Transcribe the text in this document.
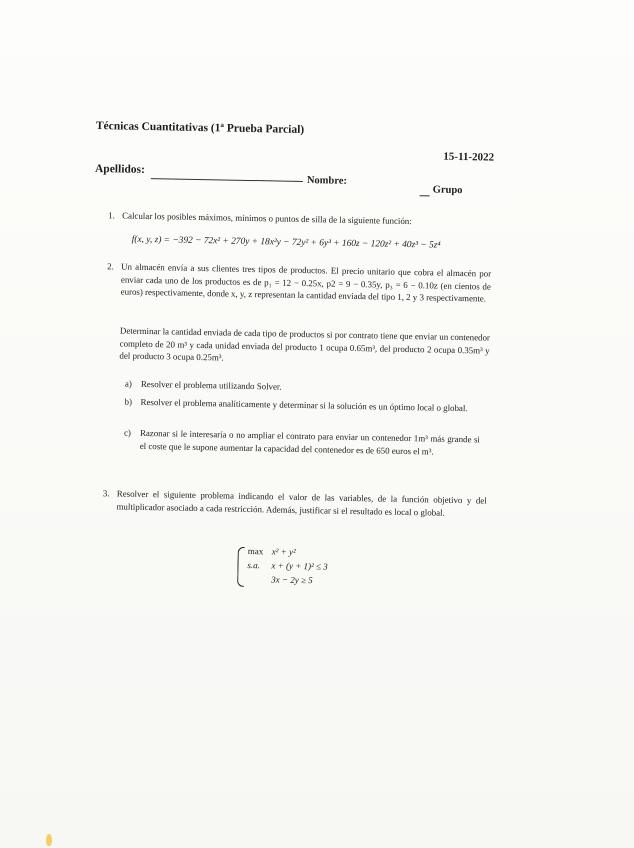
Técnicas Cuantitativas (1ª Prueba Parcial)
15-11-2022
Apellidos:
Nombre:
Grupo
1. Calcular los posibles máximos, mínimos o puntos de silla de la siguiente función:
f(x, y, z) = −392 − 72x² + 270y + 18x²y − 72y² + 6y³ + 160z − 120z² + 40z³ − 5z⁴
2. Un almacén envía a sus clientes tres tipos de productos. El precio unitario que cobra el almacén por enviar cada uno de los productos es de p₁ = 12 − 0.25x, p2 = 9 − 0.35y, p₃ = 6 − 0.10z (en cientos de euros) respectivamente, donde x, y, z representan la cantidad enviada del tipo 1, 2 y 3 respectivamente.
Determinar la cantidad enviada de cada tipo de productos si por contrato tiene que enviar un contenedor completo de 20 m³ y cada unidad enviada del producto 1 ocupa 0.65m³, del producto 2 ocupa 0.35m³ y del producto 3 ocupa 0.25m³.
a) Resolver el problema utilizando Solver.
b) Resolver el problema analíticamente y determinar si la solución es un óptimo local o global.
c) Razonar si le interesaría o no ampliar el contrato para enviar un contenedor 1m³ más grande si el coste que le supone aumentar la capacidad del contenedor es de 650 euros el m³.
3. Resolver el siguiente problema indicando el valor de las variables, de la función objetivo y del multiplicador asociado a cada restricción. Además, justificar si el resultado es local o global.
max x² + y²
s.a. x + (y + 1)² ≤ 3
3x − 2y ≥ 5
